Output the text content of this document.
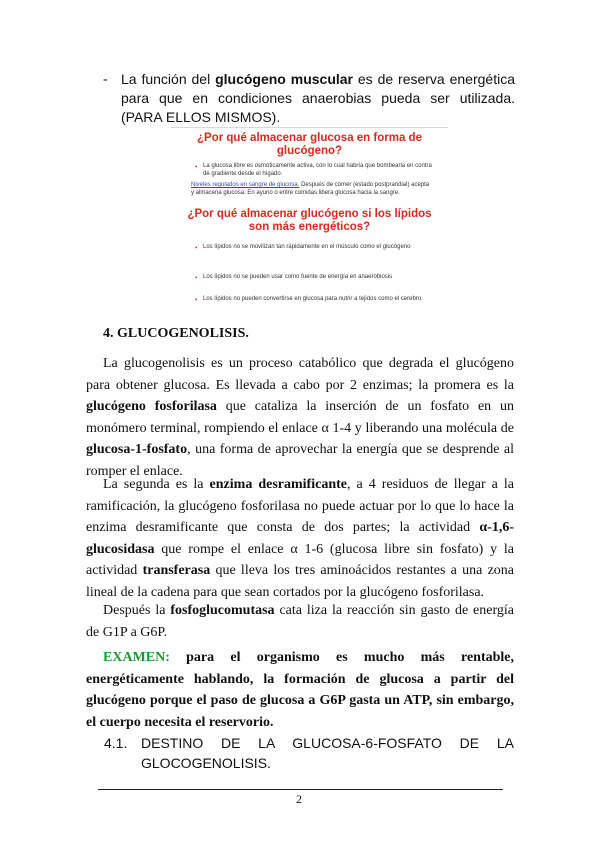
- La función del glucógeno muscular es de reserva energética para que en condiciones anaerobias pueda ser utilizada. (PARA ELLOS MISMOS).
¿Por qué almacenar glucosa en forma de glucógeno?
• La glucosa libre es osmóticamente activa, con lo cual habría que bombearla en contra de gradiente desde el hígado.
Niveles regulados en sangre de glucosa. Después de comer (estado postprandial) acepta y almacena glucosa. En ayuno o entre comidas libera glucosa hacia la sangre.
¿Por qué almacenar glucógeno si los lípidos son más energéticos?
• Los lípidos no se movilizan tan rápidamente en el músculo como el glucógeno
• Los lípidos no se pueden usar como fuente de energía en anaerobiosis
• Los lípidos no pueden convertirse en glucosa para nutrir a tejidos como el cerebro.
4. GLUCOGENOLISIS.
La glucogenolisis es un proceso catabólico que degrada el glucógeno para obtener glucosa. Es llevada a cabo por 2 enzimas; la promera es la glucógeno fosforilasa que cataliza la inserción de un fosfato en un monómero terminal, rompiendo el enlace α 1-4 y liberando una molécula de glucosa-1-fosfato, una forma de aprovechar la energía que se desprende al romper el enlace.
La segunda es la enzima desramificante, a 4 residuos de llegar a la ramificación, la glucógeno fosforilasa no puede actuar por lo que lo hace la enzima desramificante que consta de dos partes; la actividad α-1,6-glucosidasa que rompe el enlace α 1-6 (glucosa libre sin fosfato) y la actividad transferasa que lleva los tres aminoácidos restantes a una zona lineal de la cadena para que sean cortados por la glucógeno fosforilasa.
Después la fosfoglucomutasa cata liza la reacción sin gasto de energía de G1P a G6P.
EXAMEN: para el organismo es mucho más rentable, energéticamente hablando, la formación de glucosa a partir del glucógeno porque el paso de glucosa a G6P gasta un ATP, sin embargo, el cuerpo necesita el reservorio.
4.1. DESTINO DE LA GLUCOSA-6-FOSFATO DE LA
GLOCOGENOLISIS.
2
